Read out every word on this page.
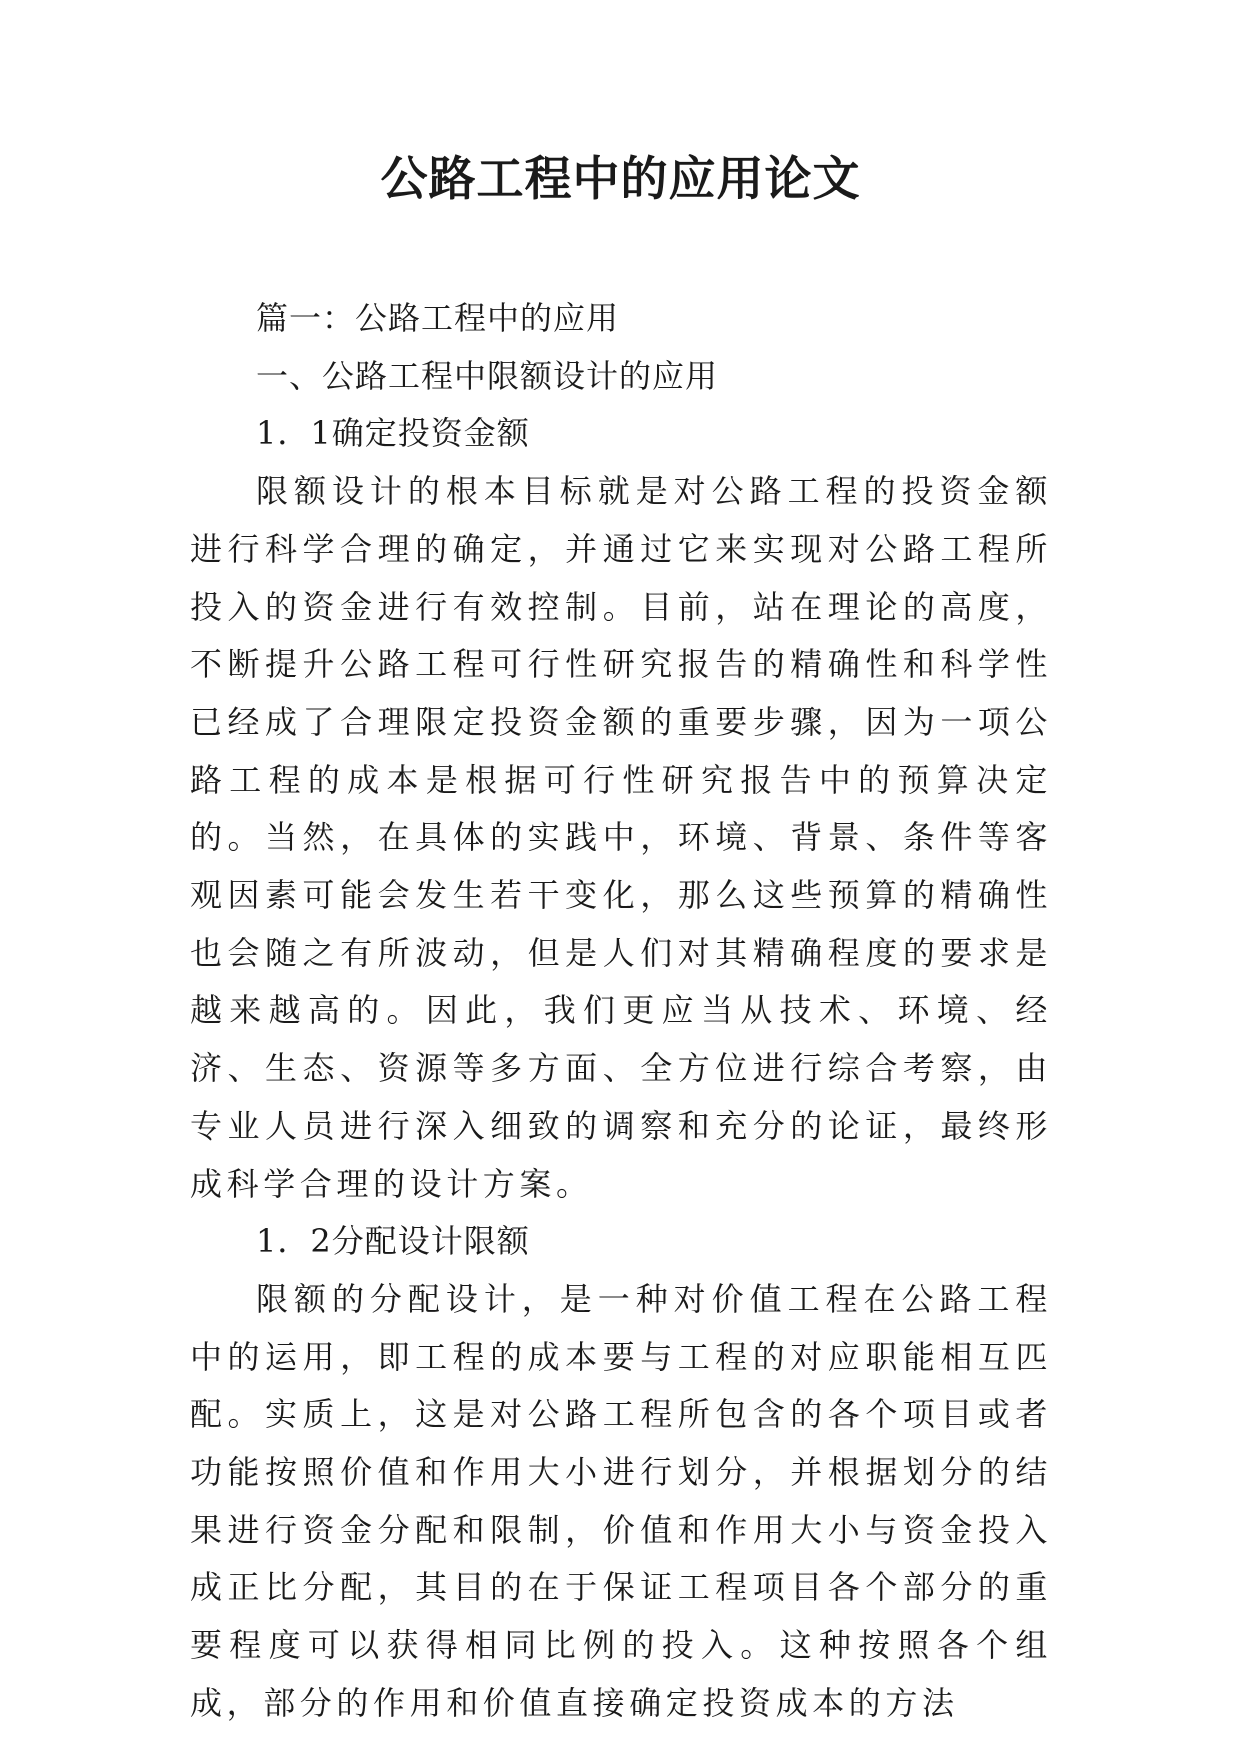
公路工程中的应用论文

篇一：公路工程中的应用

一、公路工程中限额设计的应用

1．1确定投资金额

限额设计的根本目标就是对公路工程的投资金额进行科学合理的确定，并通过它来实现对公路工程所投入的资金进行有效控制。目前，站在理论的高度，不断提升公路工程可行性研究报告的精确性和科学性已经成了合理限定投资金额的重要步骤，因为一项公路工程的成本是根据可行性研究报告中的预算决定的。当然，在具体的实践中，环境、背景、条件等客观因素可能会发生若干变化，那么这些预算的精确性也会随之有所波动，但是人们对其精确程度的要求是越来越高的。因此，我们更应当从技术、环境、经济、生态、资源等多方面、全方位进行综合考察，由专业人员进行深入细致的调察和充分的论证，最终形成科学合理的设计方案。

1．2分配设计限额

限额的分配设计，是一种对价值工程在公路工程中的运用，即工程的成本要与工程的对应职能相互匹配。实质上，这是对公路工程所包含的各个项目或者功能按照价值和作用大小进行划分，并根据划分的结果进行资金分配和限制，价值和作用大小与资金投入成正比分配，其目的在于保证工程项目各个部分的重要程度可以获得相同比例的投入。这种按照各个组成，部分的作用和价值直接确定投资成本的方法
